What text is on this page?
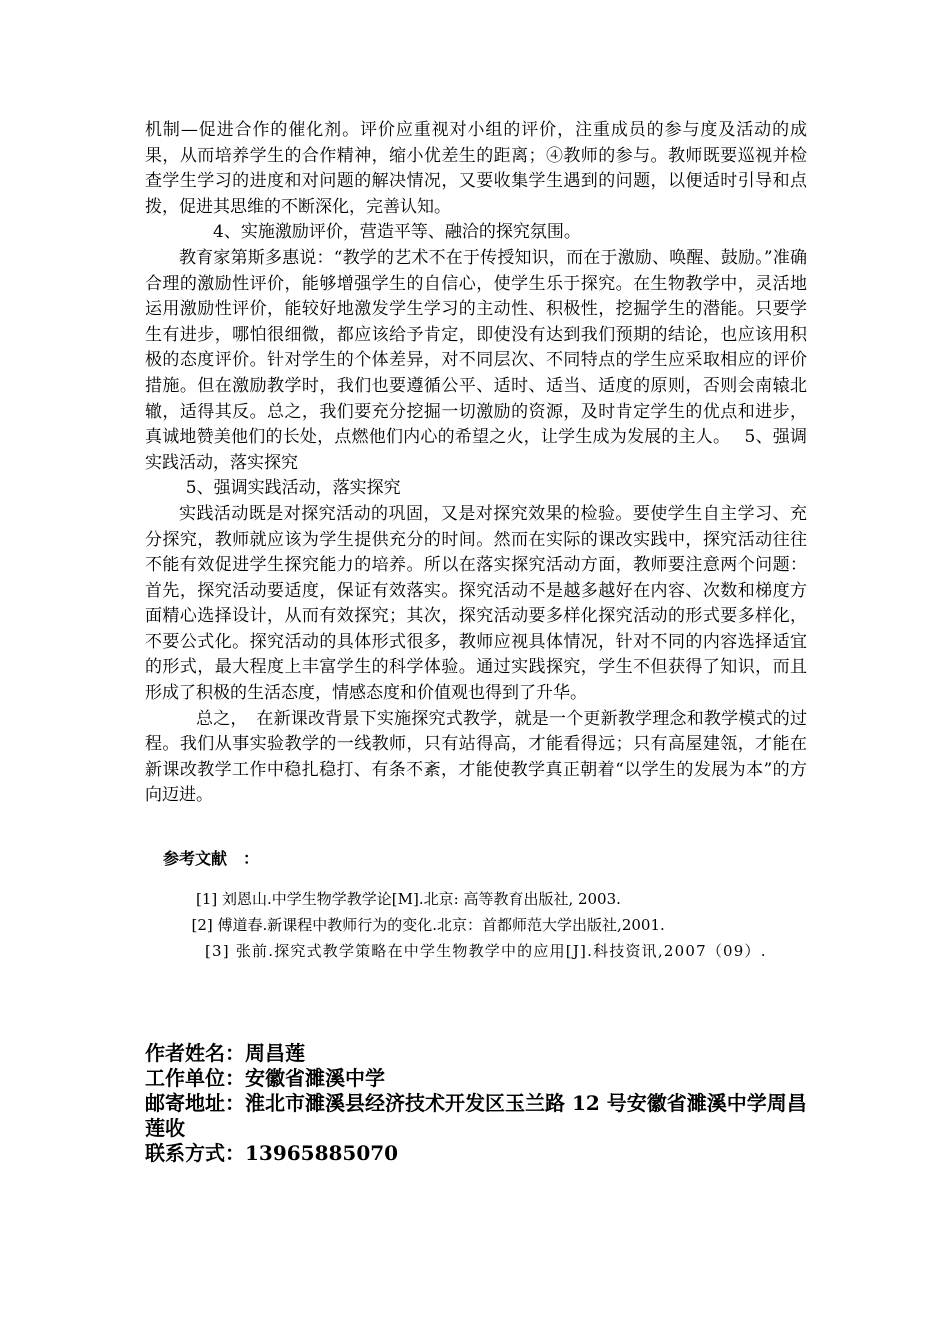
机制—促进合作的催化剂。评价应重视对小组的评价，注重成员的参与度及活动的成果，从而培养学生的合作精神，缩小优差生的距离；④教师的参与。教师既要巡视并检查学生学习的进度和对问题的解决情况，又要收集学生遇到的问题，以便适时引导和点拨，促进其思维的不断深化，完善认知。

4、实施激励评价，营造平等、融洽的探究氛围。

教育家第斯多惠说：“教学的艺术不在于传授知识，而在于激励、唤醒、鼓励。”准确合理的激励性评价，能够增强学生的自信心，使学生乐于探究。在生物教学中，灵活地运用激励性评价，能较好地激发学生学习的主动性、积极性，挖掘学生的潜能。只要学生有进步，哪怕很细微，都应该给予肯定，即使没有达到我们预期的结论，也应该用积极的态度评价。针对学生的个体差异，对不同层次、不同特点的学生应采取相应的评价措施。但在激励教学时，我们也要遵循公平、适时、适当、适度的原则，否则会南辕北辙，适得其反。总之，我们要充分挖掘一切激励的资源，及时肯定学生的优点和进步，真诚地赞美他们的长处，点燃他们内心的希望之火，让学生成为发展的主人。　 5、强调实践活动，落实探究

5、强调实践活动，落实探究

实践活动既是对探究活动的巩固，又是对探究效果的检验。要使学生自主学习、充分探究，教师就应该为学生提供充分的时间。然而在实际的课改实践中，探究活动往往不能有效促进学生探究能力的培养。所以在落实探究活动方面，教师要注意两个问题：首先，探究活动要适度，保证有效落实。探究活动不是越多越好在内容、次数和梯度方面精心选择设计，从而有效探究；其次，探究活动要多样化探究活动的形式要多样化，不要公式化。探究活动的具体形式很多，教师应视具体情况，针对不同的内容选择适宜的形式，最大程度上丰富学生的科学体验。通过实践探究，学生不但获得了知识，而且形成了积极的生活态度，情感态度和价值观也得到了升华。

总之，　在新课改背景下实施探究式教学，就是一个更新教学理念和教学模式的过程。我们从事实验教学的一线教师，只有站得高，才能看得远；只有高屋建瓴，才能在新课改教学工作中稳扎稳打、有条不紊，才能使教学真正朝着“以学生的发展为本”的方向迈进。

参考文献　：

[1] 刘恩山.中学生物学教学论[M].北京: 高等教育出版社, 2003.

[2] 傅道春.新课程中教师行为的变化.北京：首都师范大学出版社,2001.

[3] 张前.探究式教学策略在中学生物教学中的应用[J].科技资讯,2007（09）.

作者姓名：周昌莲

工作单位：安徽省濉溪中学

邮寄地址：淮北市濉溪县经济技术开发区玉兰路 12 号安徽省濉溪中学周昌莲收

联系方式：13965885070
